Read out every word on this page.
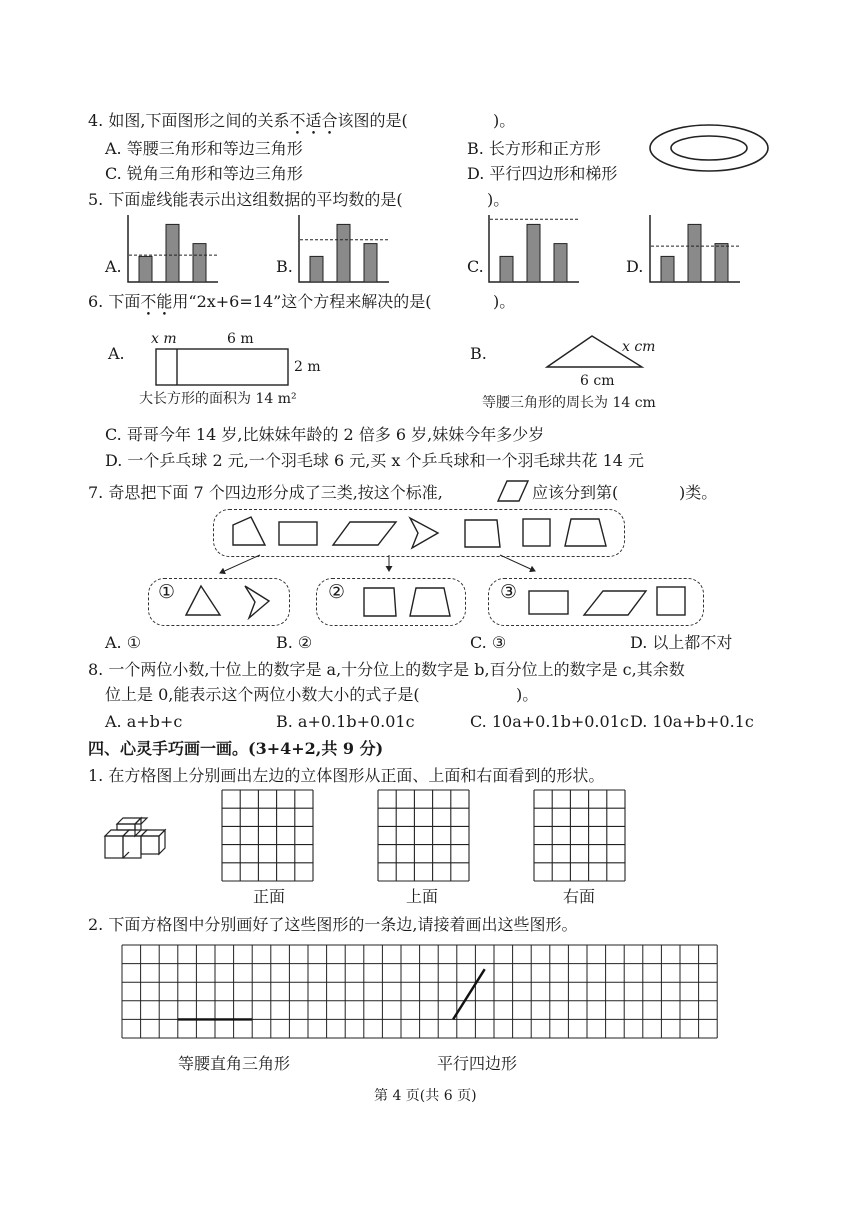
4. 如图,下面图形之间的关系不适合该图的是(	)。
A. 等腰三角形和等边三角形	B. 长方形和正方形
C. 锐角三角形和等边三角形	D. 平行四边形和梯形
5. 下面虚线能表示出这组数据的平均数的是(	)。
A.	B.	C.	D.
6. 下面不能用“2x+6=14”这个方程来解决的是(	)。
A.
x m	6 m
2 m
大长方形的面积为 14 m²
B.	x cm
6 cm
等腰三角形的周长为 14 cm
C. 哥哥今年 14 岁,比妹妹年龄的 2 倍多 6 岁,妹妹今年多少岁
D. 一个乒乓球 2 元,一个羽毛球 6 元,买 x 个乒乓球和一个羽毛球共花 14 元
7. 奇思把下面 7 个四边形分成了三类,按这个标准,	应该分到第(	)类。
①	②	③
A. ①	B. ②	C. ③	D. 以上都不对
8. 一个两位小数,十位上的数字是 a,十分位上的数字是 b,百分位上的数字是 c,其余数
位上是 0,能表示这个两位小数大小的式子是(	)。
A. a+b+c	B. a+0.1b+0.01c	C. 10a+0.1b+0.01c D. 10a+b+0.1c
四、心灵手巧画一画。(3+4+2,共 9 分)
1. 在方格图上分别画出左边的立体图形从正面、上面和右面看到的形状。
正面	上面	右面
2. 下面方格图中分别画好了这些图形的一条边,请接着画出这些图形。
等腰直角三角形	平行四边形
第 4 页(共 6 页)
